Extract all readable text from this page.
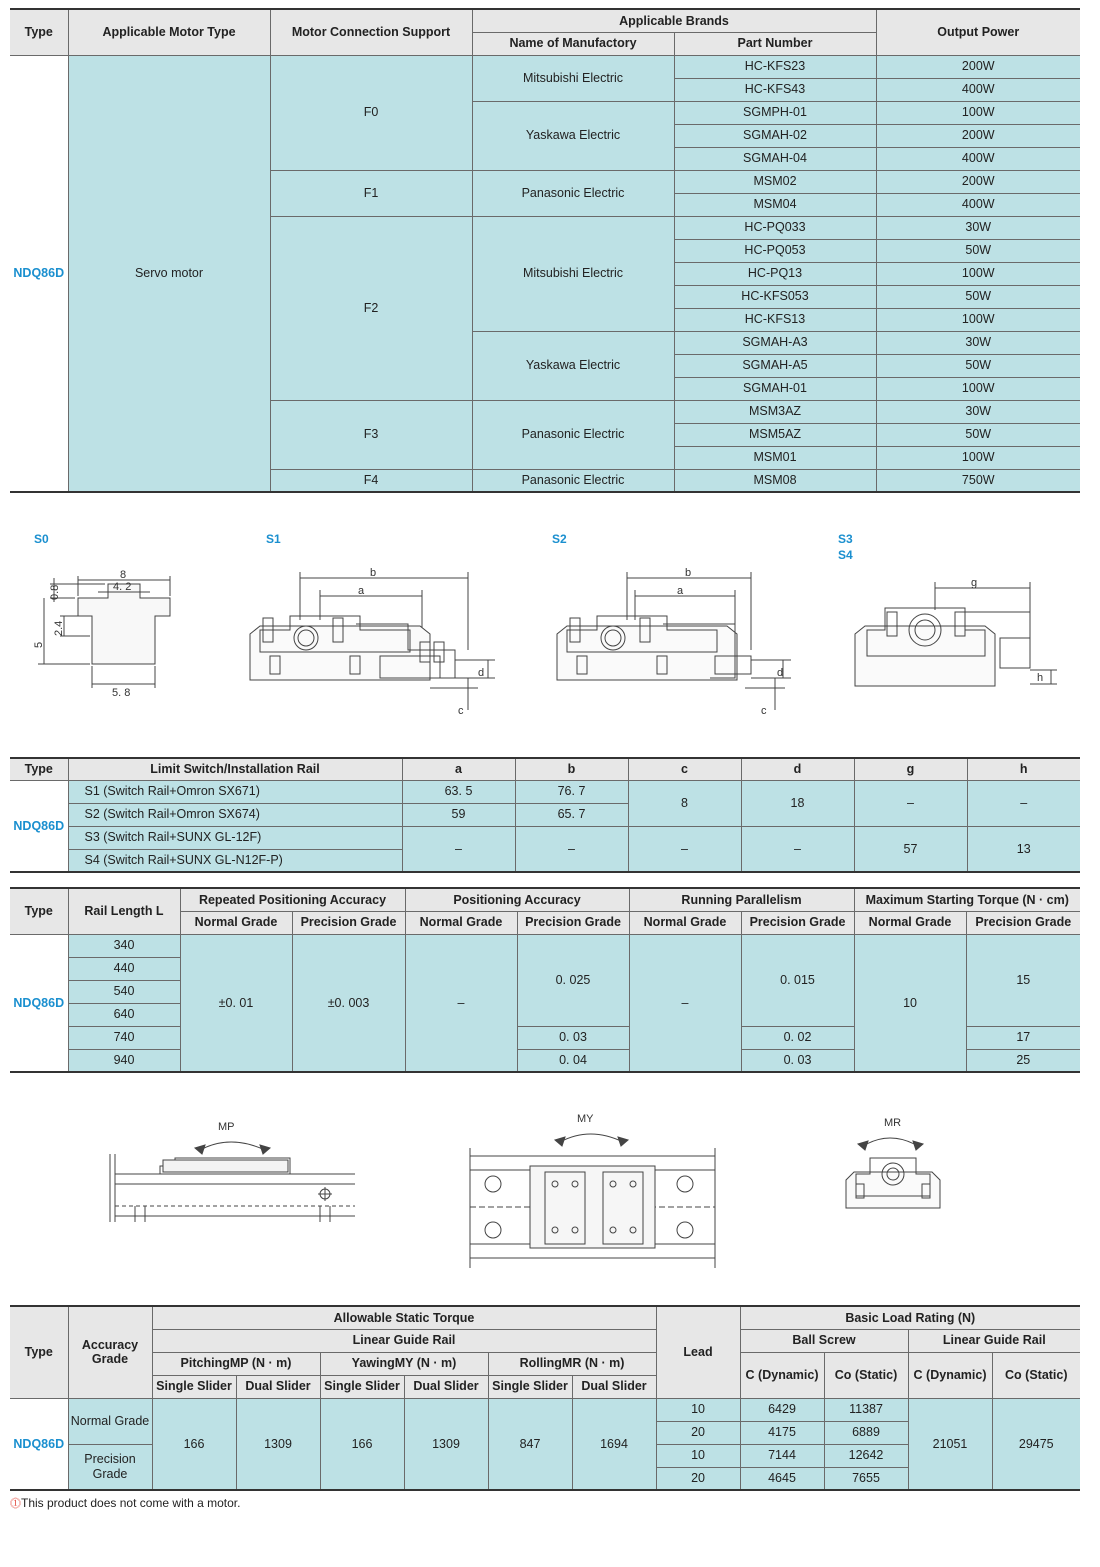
Type	Applicable Motor Type	Motor Connection Support	Applicable Brands		Output Power
			Name of Manufactory	Part Number	
NDQ86D	Servo motor	F0	Mitsubishi Electric	HC-KFS23	200W
				HC-KFS43	400W
			Yaskawa Electric	SGMPH-01	100W
				SGMAH-02	200W
				SGMAH-04	400W
		F1	Panasonic Electric	MSM02	200W
				MSM04	400W
		F2	Mitsubishi Electric	HC-PQ033	30W
				HC-PQ053	50W
				HC-PQ13	100W
				HC-KFS053	50W
				HC-KFS13	100W
			Yaskawa Electric	SGMAH-A3	30W
				SGMAH-A5	50W
				SGMAH-01	100W
		F3	Panasonic Electric	MSM3AZ	30W
				MSM5AZ	50W
				MSM01	100W
		F4	Panasonic Electric	MSM08	750W
S0	S1	S2	S3
S4
8
4. 2
0.8
2.4
5
5. 8
b
a
d
c
b
a
d
c
g
h
Type	Limit Switch/Installation Rail	a	b	c	d	g	h
NDQ86D	S1 (Switch Rail+Omron SX671)	63. 5	76. 7	8	18	–	–
	S2 (Switch Rail+Omron SX674)	59	65. 7				
	S3 (Switch Rail+SUNX GL-12F)	–	–	–	–	57	13
	S4 (Switch Rail+SUNX GL-N12F-P)						
Type	Rail Length L	Repeated Positioning Accuracy		Positioning Accuracy		Running Parallelism		Maximum Starting Torque (N · cm)	
		Normal Grade	Precision Grade	Normal Grade	Precision Grade	Normal Grade	Precision Grade	Normal Grade	Precision Grade
NDQ86D	340	±0. 01	±0. 003	–	0. 025	–	0. 015	10	15
	440								
	540								
	640								
	740				0. 03		0. 02		17
	940				0. 04		0. 03		25
MP
MY	MR
Type	Accuracy Grade	Allowable Static Torque						Lead	Basic Load Rating (N)			
		Linear Guide Rail							Ball Screw		Linear Guide Rail	
		PitchingMP (N · m)		YawingMY (N · m)		RollingMR (N · m)			C (Dynamic)	Co (Static)	C (Dynamic)	Co (Static)
		Single Slider	Dual Slider	Single Slider	Dual Slider	Single Slider	Dual Slider					
NDQ86D	Normal Grade	166	1309	166	1309	847	1694	10	6429	11387	21051	29475
								20	4175	6889		
	Precision Grade							10	7144	12642		
								20	4645	7655		
⓵This product does not come with a motor.
